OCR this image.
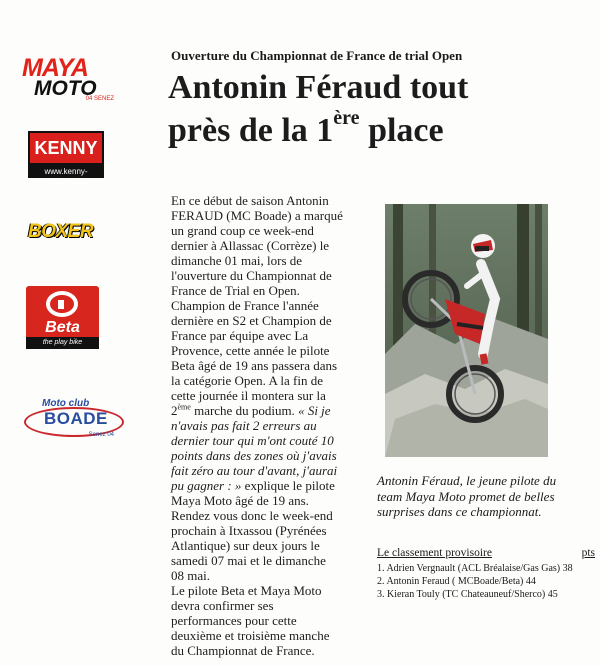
MAYA
MOTO
04 SENEZ
KENNY
www.kenny-racing.com
BOXER
Beta
the play bike
Moto club
BOADE
Senez 04
Ouverture du Championnat de France de trial Open
Antonin Féraud tout
près de la 1ère place

En ce début de saison Antonin
FERAUD (MC Boade) a marqué
un grand coup ce week-end
dernier à Allassac (Corrèze) le
dimanche 01 mai, lors de
l'ouverture du Championnat de
France de Trial en Open.
Champion de France l'année
dernière en S2 et Champion de
France par équipe avec La
Provence, cette année le pilote
Beta âgé de 19 ans passera dans
la catégorie Open. A la fin de
cette journée il montera sur la
2ème marche du podium. « Si je
n'avais pas fait 2 erreurs au
dernier tour qui m'ont couté 10
points dans des zones où j'avais
fait zéro au tour d'avant, j'aurai
pu gagner : » explique le pilote
Maya Moto âgé de 19 ans.
Rendez vous donc le week-end
prochain à Itxassou (Pyrénées
Atlantique) sur deux jours le
samedi 07 mai et le dimanche
08 mai.
Le pilote Beta et Maya Moto
devra confirmer ses
performances pour cette
deuxième et troisième manche
du Championnat de France.

Antonin Féraud, le jeune pilote du team Maya Moto promet de belles surprises dans ce championnat.
Le classement provisoire	pts
1. Adrien Vergnault (ACL Bréalaise/Gas Gas) 38
2. Antonin Feraud ( MCBoade/Beta) 44
3. Kieran Touly (TC Chateauneuf/Sherco) 45
